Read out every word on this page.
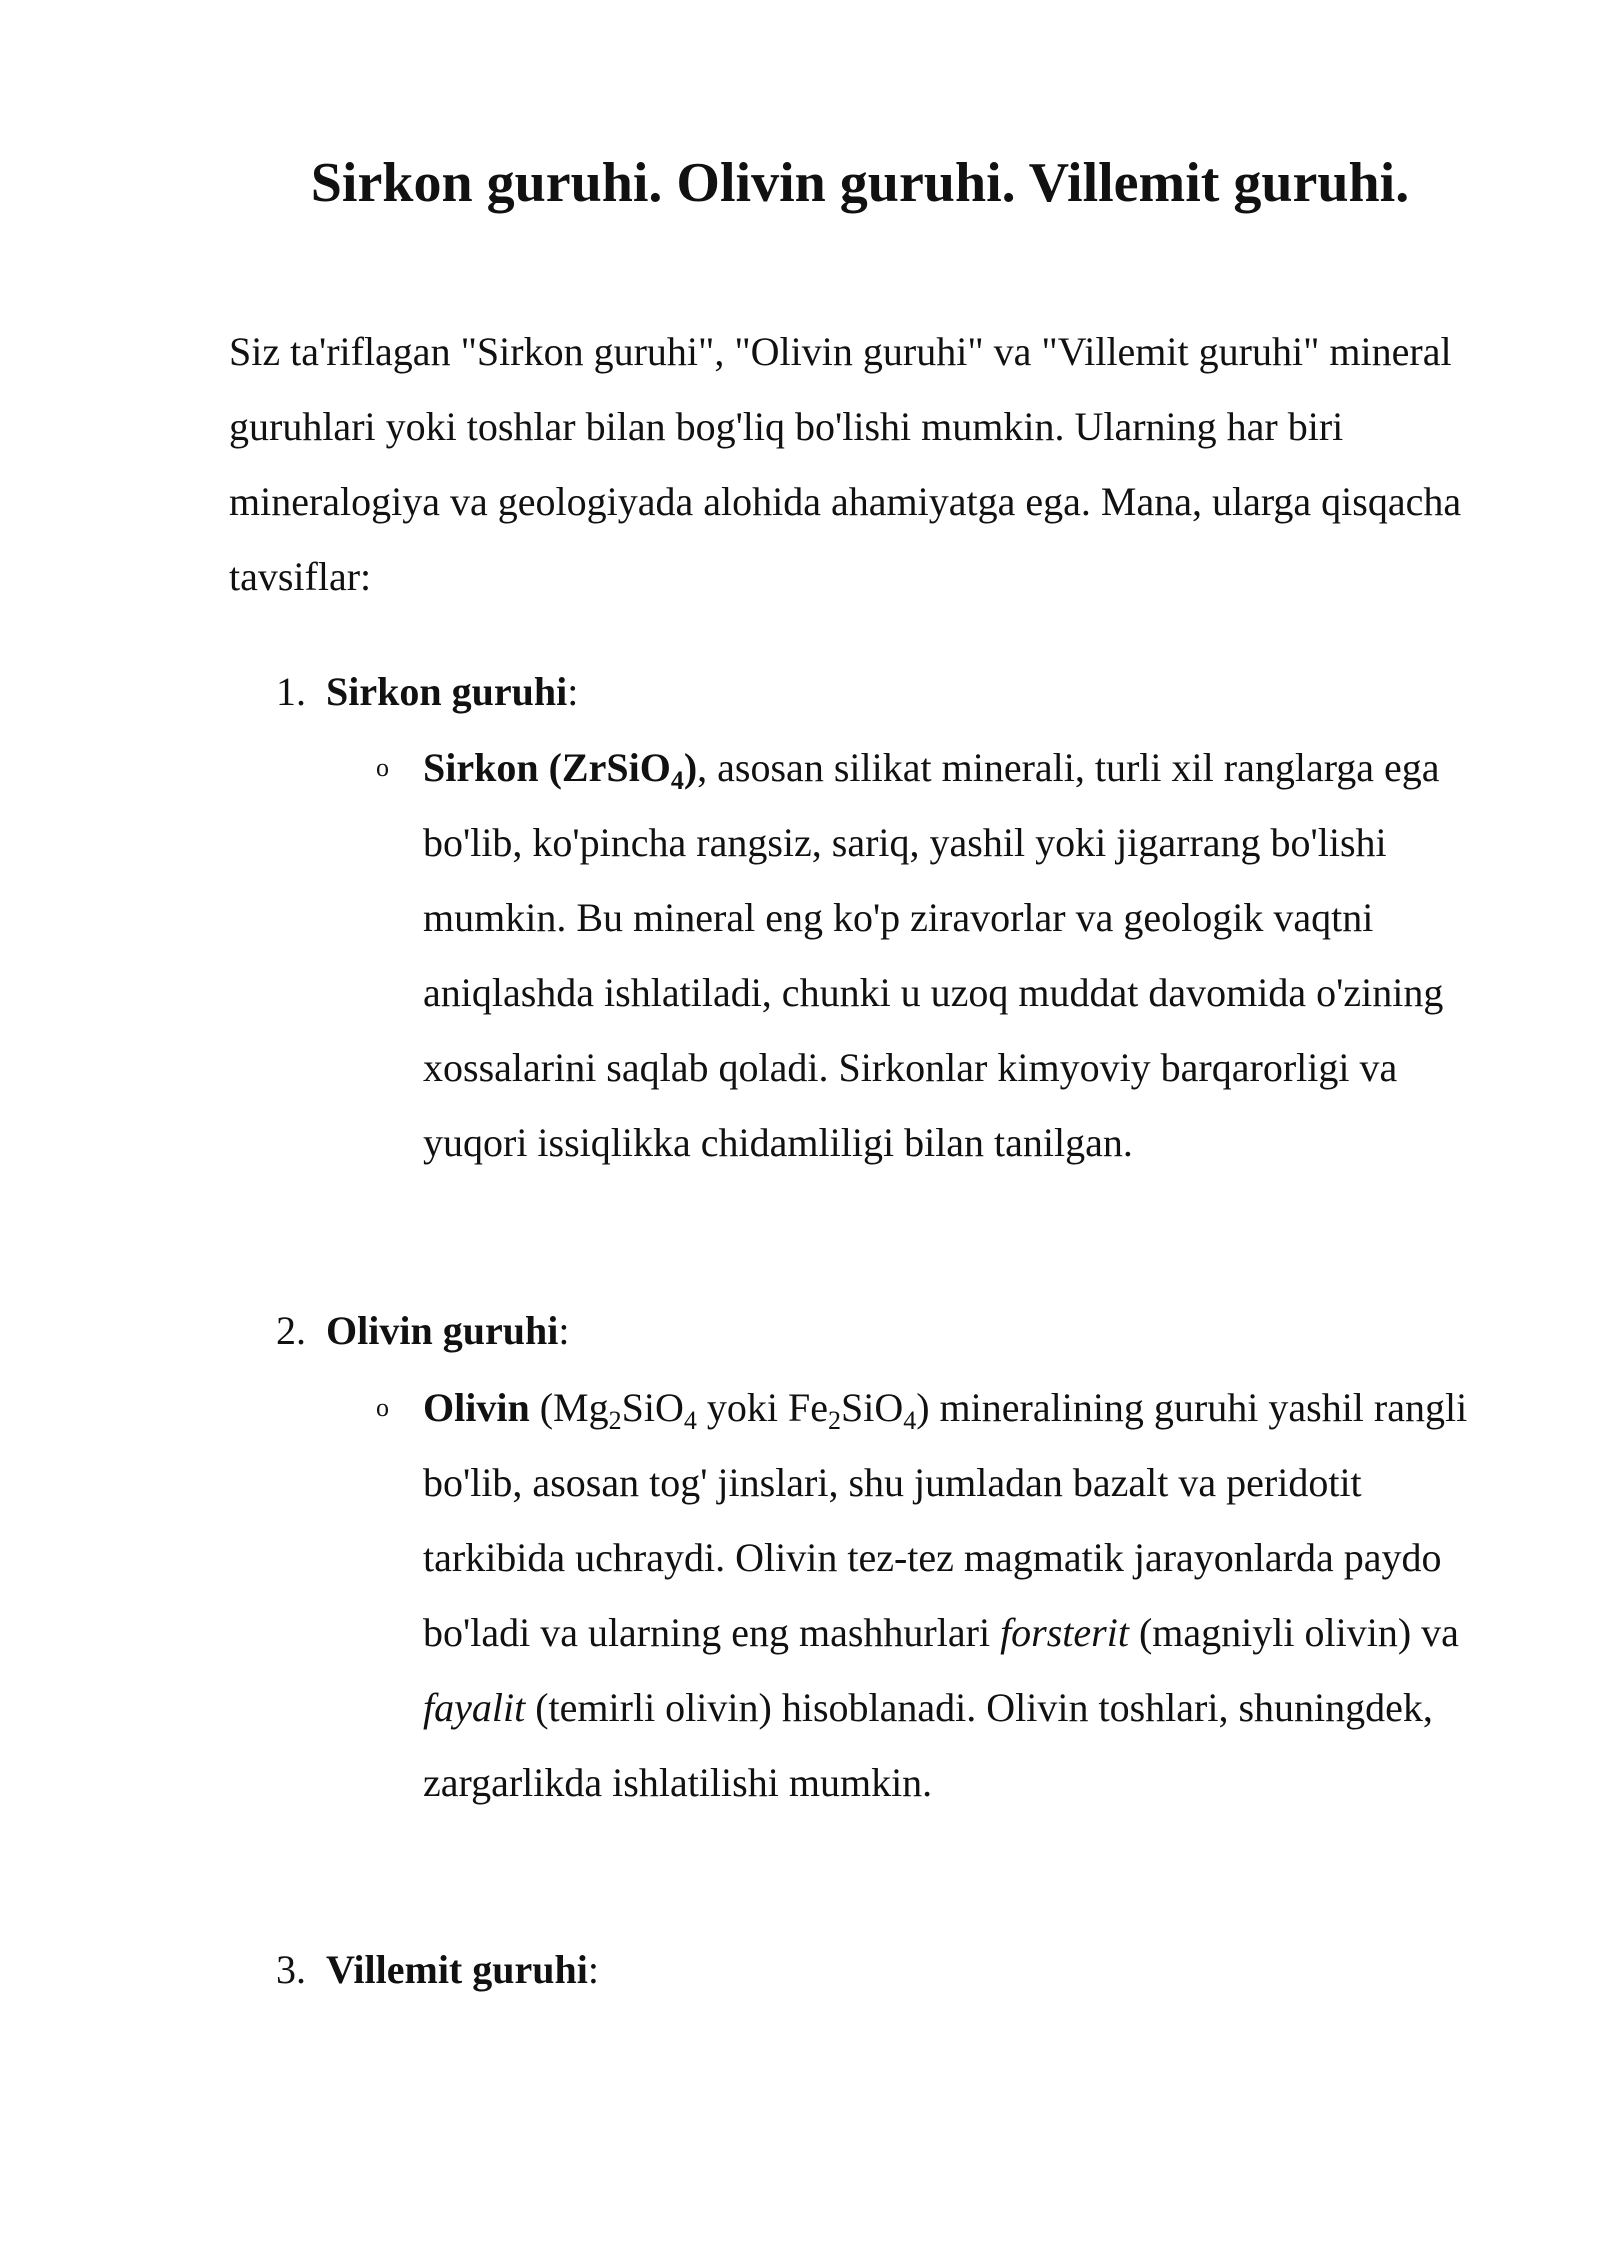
Sirkon guruhi. Olivin guruhi. Villemit guruhi.

Siz ta'riflagan "Sirkon guruhi", "Olivin guruhi" va "Villemit guruhi" mineral guruhlari yoki toshlar bilan bog'liq bo'lishi mumkin. Ularning har biri mineralogiya va geologiyada alohida ahamiyatga ega. Mana, ularga qisqacha tavsiflar:

1. Sirkon guruhi:
o Sirkon (ZrSiO$_4$), asosan silikat minerali, turli xil ranglarga ega bo'lib, ko'pincha rangsiz, sariq, yashil yoki jigarrang bo'lishi mumkin. Bu mineral eng ko'p ziravorlar va geologik vaqtni aniqlashda ishlatiladi, chunki u uzoq muddat davomida o'zining xossalarini saqlab qoladi. Sirkonlar kimyoviy barqarorligi va yuqori issiqlikka chidamliligi bilan tanilgan.
2. Olivin guruhi:
o Olivin ($Mg_2SiO_4$ yoki $Fe_2SiO_4$) mineralining guruhi yashil rangli bo'lib, asosan tog' jinslari, shu jumladan bazalt va peridotit tarkibida uchraydi. Olivin tez-tez magmatik jarayonlarda paydo bo'ladi va ularning eng mashhurlari forsterit (magniyli olivin) va fayalit (temirli olivin) hisoblanadi. Olivin toshlari, shuningdek, zargarlikda ishlatilishi mumkin.
3. Villemit guruhi:
